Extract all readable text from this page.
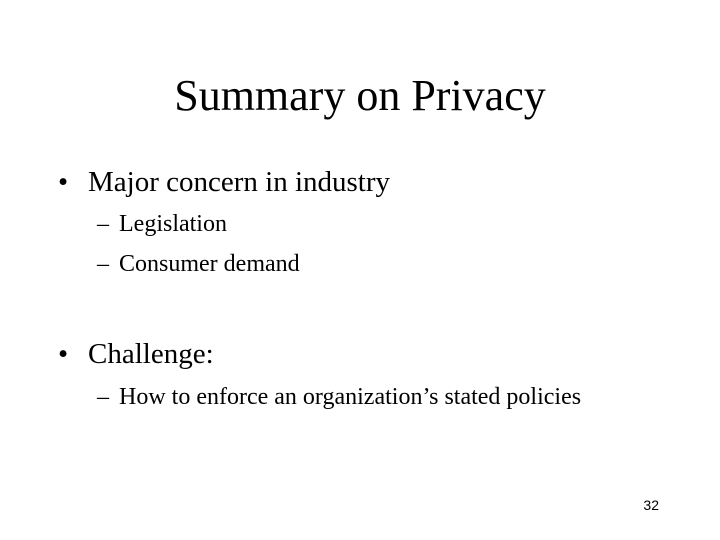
Summary on Privacy
• Major concern in industry
– Legislation
– Consumer demand
• Challenge:
– How to enforce an organization’s stated policies
32
